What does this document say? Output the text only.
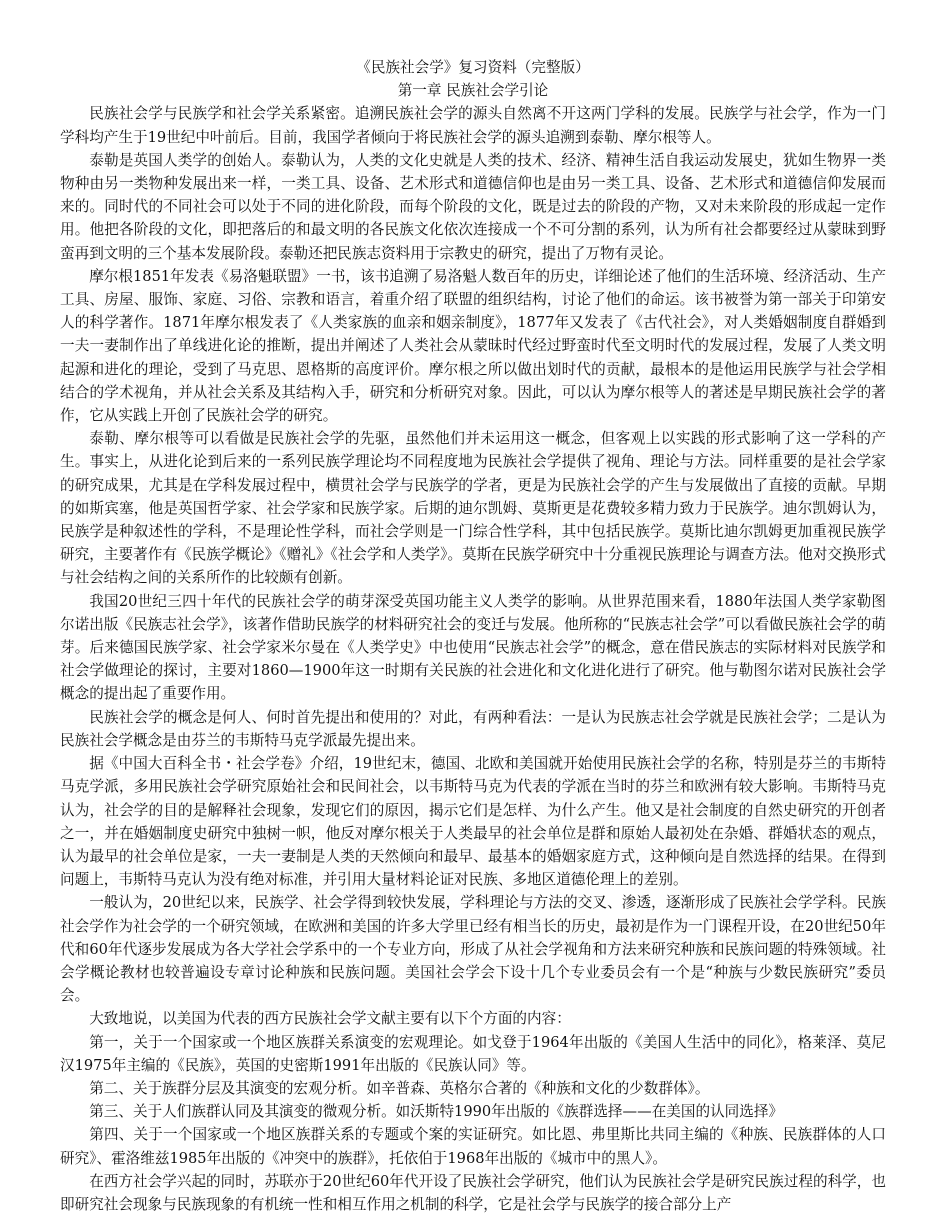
《民族社会学》复习资料（完整版）
第一章 民族社会学引论

民族社会学与民族学和社会学关系紧密。追溯民族社会学的源头自然离不开这两门学科的发展。民族学与社会学，作为一门学科均产生于19世纪中叶前后。目前，我国学者倾向于将民族社会学的源头追溯到泰勒、摩尔根等人。

泰勒是英国人类学的创始人。泰勒认为，人类的文化史就是人类的技术、经济、精神生活自我运动发展史，犹如生物界一类物种由另一类物种发展出来一样，一类工具、设备、艺术形式和道德信仰也是由另一类工具、设备、艺术形式和道德信仰发展而来的。同时代的不同社会可以处于不同的进化阶段，而每个阶段的文化，既是过去的阶段的产物，又对未来阶段的形成起一定作用。他把各阶段的文化，即把落后的和最文明的各民族文化依次连接成一个不可分割的系列，认为所有社会都要经过从蒙昧到野蛮再到文明的三个基本发展阶段。泰勒还把民族志资料用于宗教史的研究，提出了万物有灵论。

摩尔根1851年发表《易洛魁联盟》一书，该书追溯了易洛魁人数百年的历史，详细论述了他们的生活环境、经济活动、生产工具、房屋、服饰、家庭、习俗、宗教和语言，着重介绍了联盟的组织结构，讨论了他们的命运。该书被誉为第一部关于印第安人的科学著作。1871年摩尔根发表了《人类家族的血亲和姻亲制度》，1877年又发表了《古代社会》，对人类婚姻制度自群婚到一夫一妻制作出了单线进化论的推断，提出并阐述了人类社会从蒙昧时代经过野蛮时代至文明时代的发展过程，发展了人类文明起源和进化的理论，受到了马克思、恩格斯的高度评价。摩尔根之所以做出划时代的贡献，最根本的是他运用民族学与社会学相结合的学术视角，并从社会关系及其结构入手，研究和分析研究对象。因此，可以认为摩尔根等人的著述是早期民族社会学的著作，它从实践上开创了民族社会学的研究。

泰勒、摩尔根等可以看做是民族社会学的先驱，虽然他们并未运用这一概念，但客观上以实践的形式影响了这一学科的产生。事实上，从进化论到后来的一系列民族学理论均不同程度地为民族社会学提供了视角、理论与方法。同样重要的是社会学家的研究成果，尤其是在学科发展过程中，横贯社会学与民族学的学者，更是为民族社会学的产生与发展做出了直接的贡献。早期的如斯宾塞，他是英国哲学家、社会学家和民族学家。后期的迪尔凯姆、莫斯更是花费较多精力致力于民族学。迪尔凯姆认为，民族学是种叙述性的学科，不是理论性学科，而社会学则是一门综合性学科，其中包括民族学。莫斯比迪尔凯姆更加重视民族学研究，主要著作有《民族学概论》《赠礼》《社会学和人类学》。莫斯在民族学研究中十分重视民族理论与调查方法。他对交换形式与社会结构之间的关系所作的比较颇有创新。

我国20世纪三四十年代的民族社会学的萌芽深受英国功能主义人类学的影响。从世界范围来看，1880年法国人类学家勒图尔诺出版《民族志社会学》，该著作借助民族学的材料研究社会的变迁与发展。他所称的“民族志社会学”可以看做民族社会学的萌芽。后来德国民族学家、社会学家米尔曼在《人类学史》中也使用“民族志社会学”的概念，意在借民族志的实际材料对民族学和社会学做理论的探讨，主要对1860—1900年这一时期有关民族的社会进化和文化进化进行了研究。他与勒图尔诺对民族社会学概念的提出起了重要作用。

民族社会学的概念是何人、何时首先提出和使用的？对此，有两种看法：一是认为民族志社会学就是民族社会学；二是认为民族社会学概念是由芬兰的韦斯特马克学派最先提出来。

据《中国大百科全书・社会学卷》介绍，19世纪末，德国、北欧和美国就开始使用民族社会学的名称，特别是芬兰的韦斯特马克学派，多用民族社会学研究原始社会和民间社会，以韦斯特马克为代表的学派在当时的芬兰和欧洲有较大影响。韦斯特马克认为，社会学的目的是解释社会现象，发现它们的原因，揭示它们是怎样、为什么产生。他又是社会制度的自然史研究的开创者之一，并在婚姻制度史研究中独树一帜，他反对摩尔根关于人类最早的社会单位是群和原始人最初处在杂婚、群婚状态的观点，认为最早的社会单位是家，一夫一妻制是人类的天然倾向和最早、最基本的婚姻家庭方式，这种倾向是自然选择的结果。在得到问题上，韦斯特马克认为没有绝对标准，并引用大量材料论证对民族、多地区道德伦理上的差别。

一般认为，20世纪以来，民族学、社会学得到较快发展，学科理论与方法的交叉、渗透，逐渐形成了民族社会学学科。民族社会学作为社会学的一个研究领域，在欧洲和美国的许多大学里已经有相当长的历史，最初是作为一门课程开设，在20世纪50年代和60年代逐步发展成为各大学社会学系中的一个专业方向，形成了从社会学视角和方法来研究种族和民族问题的特殊领域。社会学概论教材也较普遍设专章讨论种族和民族问题。美国社会学会下设十几个专业委员会有一个是“种族与少数民族研究”委员会。

大致地说，以美国为代表的西方民族社会学文献主要有以下个方面的内容：

第一，关于一个国家或一个地区族群关系演变的宏观理论。如戈登于1964年出版的《美国人生活中的同化》，格莱泽、莫尼汉1975年主编的《民族》，英国的史密斯1991年出版的《民族认同》等。

第二、关于族群分层及其演变的宏观分析。如辛普森、英格尔合著的《种族和文化的少数群体》。

第三、关于人们族群认同及其演变的微观分析。如沃斯特1990年出版的《族群选择——在美国的认同选择》

第四、关于一个国家或一个地区族群关系的专题或个案的实证研究。如比恩、弗里斯比共同主编的《种族、民族群体的人口研究》、霍洛维兹1985年出版的《冲突中的族群》，托依伯于1968年出版的《城市中的黑人》。

在西方社会学兴起的同时，苏联亦于20世纪60年代开设了民族社会学研究，他们认为民族社会学是研究民族过程的科学，也即研究社会现象与民族现象的有机统一性和相互作用之机制的科学，它是社会学与民族学的接合部分上产
